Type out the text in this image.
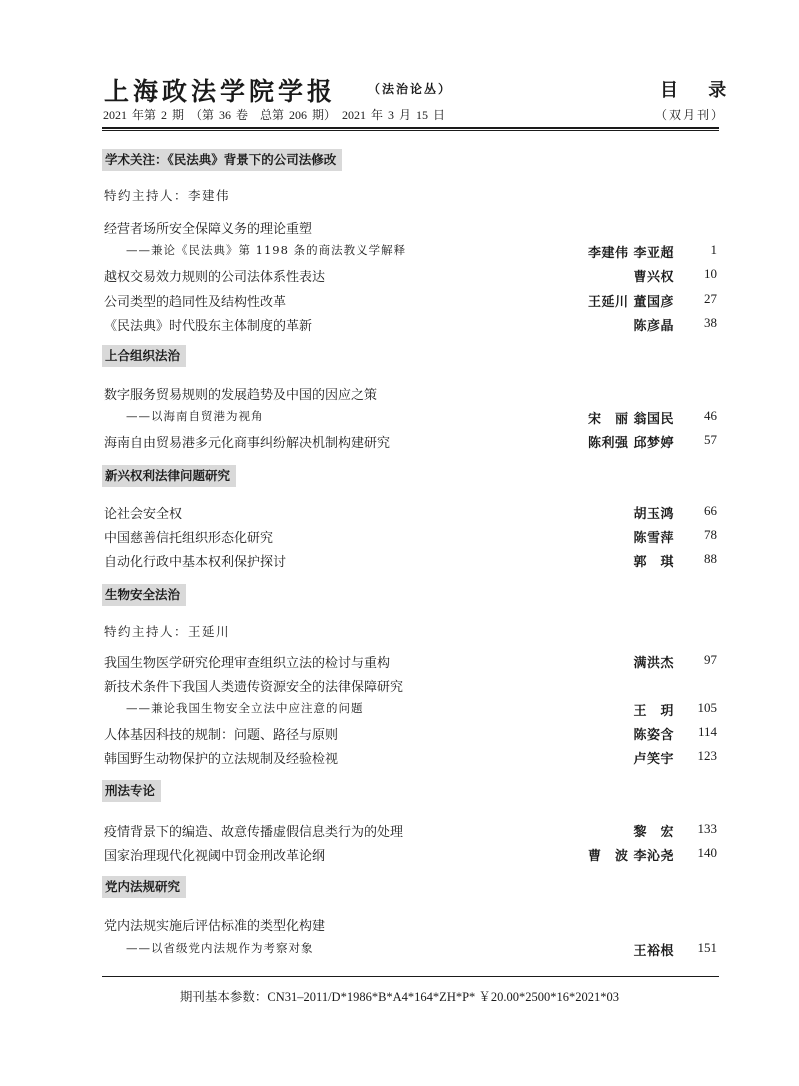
上海政法学院学报	（法治论丛）	目 录
2021 年第 2 期　（第 36 卷　总第 206 期）　2021 年 3 月 15 日	（双月刊）
学术关注：《民法典》背景下的公司法修改
特约主持人：李建伟
经营者场所安全保障义务的理论重塑
——兼论《民法典》第 1198 条的商法教义学解释	李建伟 李亚超	1
越权交易效力规则的公司法体系性表达	曹兴权	10
公司类型的趋同性及结构性改革	王延川 董国彦	27
《民法典》时代股东主体制度的革新	陈彦晶	38
上合组织法治
数字服务贸易规则的发展趋势及中国的因应之策
——以海南自贸港为视角	宋　丽 翁国民	46
海南自由贸易港多元化商事纠纷解决机制构建研究	陈利强 邱梦婷	57
新兴权利法律问题研究
论社会安全权	胡玉鸿	66
中国慈善信托组织形态化研究	陈雪萍	78
自动化行政中基本权利保护探讨	郭　琪	88
生物安全法治
特约主持人：王延川
我国生物医学研究伦理审查组织立法的检讨与重构	满洪杰	97
新技术条件下我国人类遗传资源安全的法律保障研究
——兼论我国生物安全立法中应注意的问题	王　玥	105
人体基因科技的规制：问题、路径与原则	陈姿含	114
韩国野生动物保护的立法规制及经验检视	卢笑宇	123
刑法专论
疫情背景下的编造、故意传播虚假信息类行为的处理	黎　宏	133
国家治理现代化视阈中罚金刑改革论纲	曹　波 李沁尧	140
党内法规研究
党内法规实施后评估标准的类型化构建
——以省级党内法规作为考察对象	王裕根	151
期刊基本参数：CN31–2011/D*1986*B*A4*164*ZH*P* ￥20.00*2500*16*2021*03
